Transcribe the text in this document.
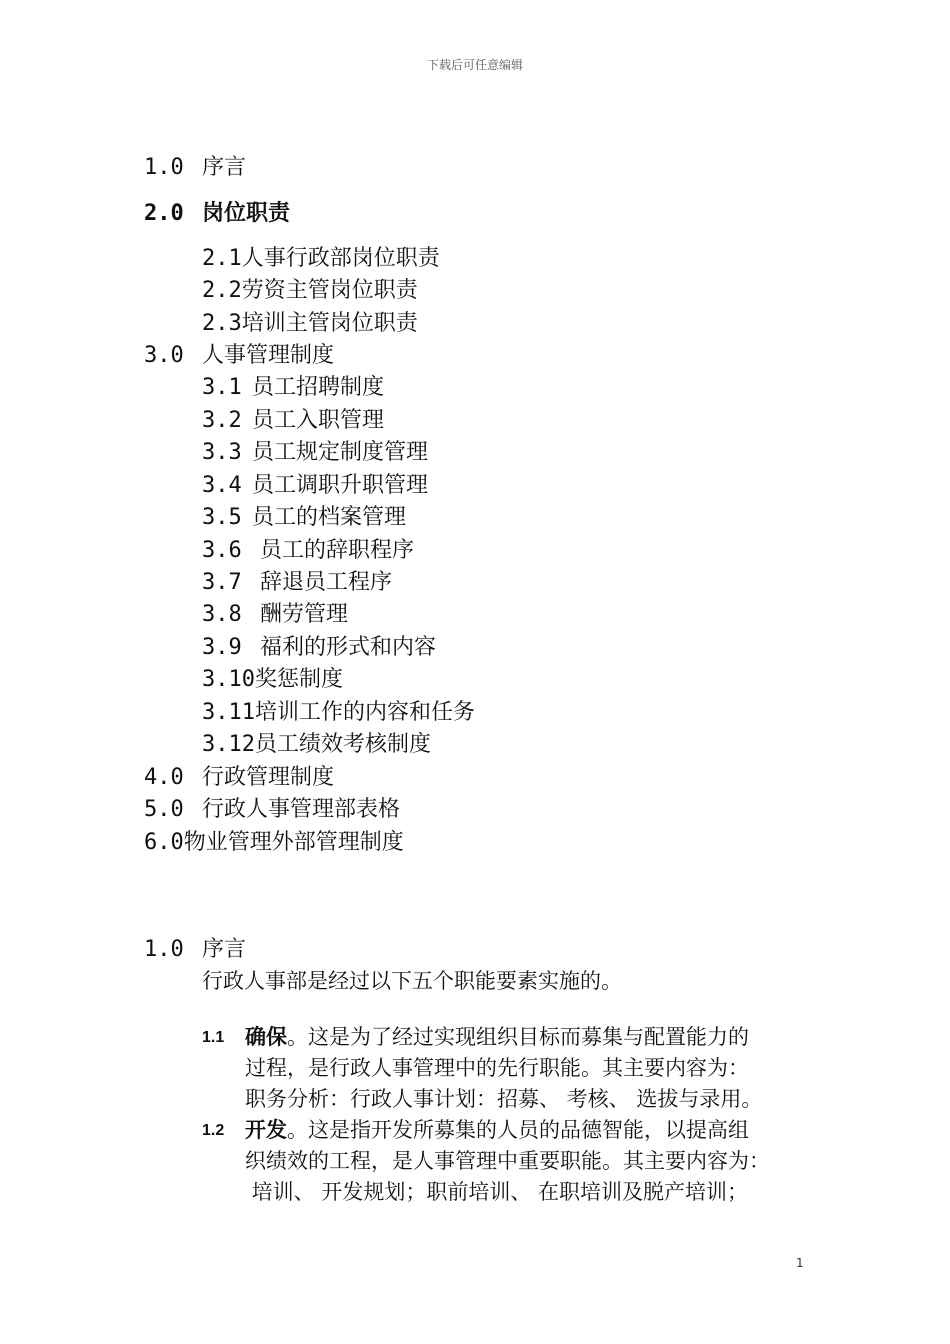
下载后可任意编辑
1.0 序言
2.0 岗位职责
2.1人事行政部岗位职责
2.2劳资主管岗位职责
2.3培训主管岗位职责
3.0 人事管理制度
3.1 员工招聘制度
3.2 员工入职管理
3.3 员工规定制度管理
3.4 员工调职升职管理
3.5 员工的档案管理
3.6 员工的辞职程序
3.7 辞退员工程序
3.8 酬劳管理
3.9 福利的形式和内容
3.10奖惩制度
3.11培训工作的内容和任务
3.12员工绩效考核制度
4.0 行政管理制度
5.0 行政人事管理部表格
6.0物业管理外部管理制度
1.0 序言
行政人事部是经过以下五个职能要素实施的。
1.1 确保。这是为了经过实现组织目标而募集与配置能力的
过程，是行政人事管理中的先行职能。其主要内容为：
职务分析：行政人事计划：招募、 考核、 选拔与录用。
1.2 开发。这是指开发所募集的人员的品德智能，以提高组
织绩效的工程，是人事管理中重要职能。其主要内容为：
培训、 开发规划；职前培训、 在职培训及脱产培训；
1
